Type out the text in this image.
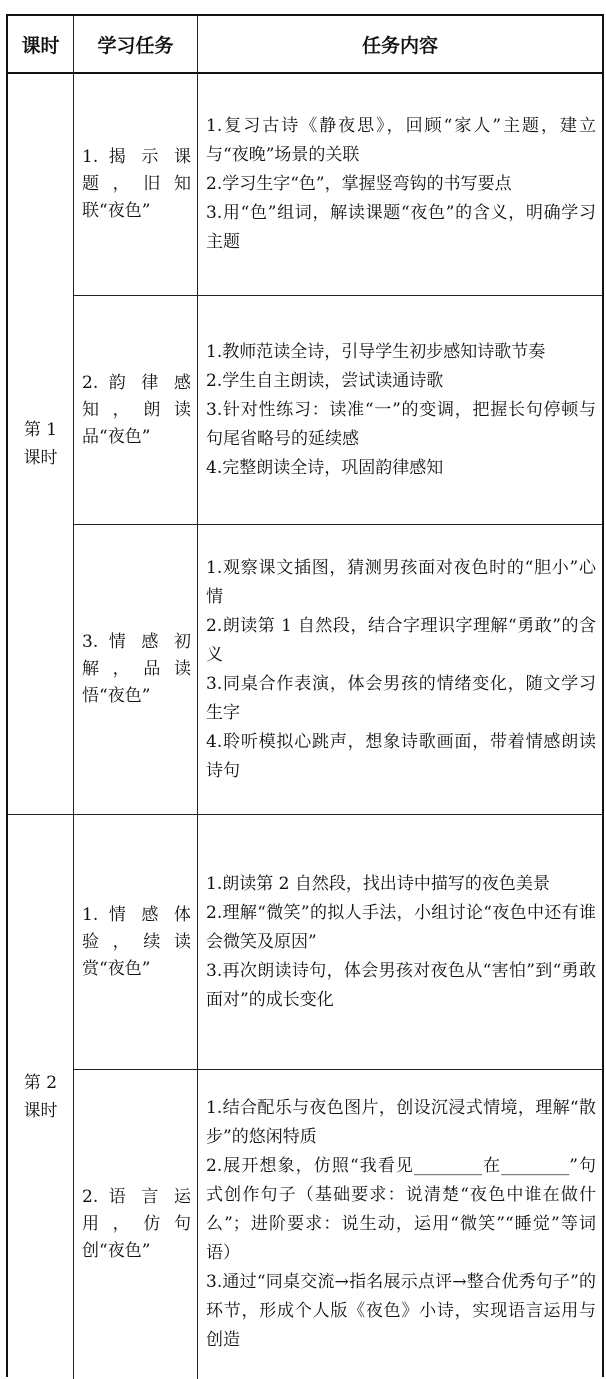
课时	学习任务	任务内容
第 1 课时
1. 揭 示 课题，旧知联“夜色”
1.复习古诗《静夜思》，回顾“家人”主题，建立与“夜晚”场景的关联
2.学习生字“色”，掌握竖弯钩的书写要点
3.用“色”组词，解读课题“夜色”的含义，明确学习主题
2. 韵 律 感知，朗读品“夜色”
1.教师范读全诗，引导学生初步感知诗歌节奏
2.学生自主朗读，尝试读通诗歌
3.针对性练习：读准“一”的变调，把握长句停顿与句尾省略号的延续感
4.完整朗读全诗，巩固韵律感知
3. 情 感 初解，品读悟“夜色”
1.观察课文插图，猜测男孩面对夜色时的“胆小”心情
2.朗读第 1 自然段，结合字理识字理解“勇敢”的含义
3.同桌合作表演，体会男孩的情绪变化，随文学习生字
4.聆听模拟心跳声，想象诗歌画面，带着情感朗读诗句
第 2 课时
1. 情 感 体验，续读赏“夜色”
1.朗读第 2 自然段，找出诗中描写的夜色美景
2.理解“微笑”的拟人手法，小组讨论“夜色中还有谁会微笑及原因”
3.再次朗读诗句，体会男孩对夜色从“害怕”到“勇敢面对”的成长变化
2. 语 言 运用，仿句创“夜色”
1.结合配乐与夜色图片，创设沉浸式情境，理解“散步”的悠闲特质
2.展开想象，仿照“我看见________在________”句式创作句子（基础要求：说清楚“夜色中谁在做什么”；进阶要求：说生动，运用“微笑”“睡觉”等词语）
3.通过“同桌交流→指名展示点评→整合优秀句子”的环节，形成个人版《夜色》小诗，实现语言运用与创造
